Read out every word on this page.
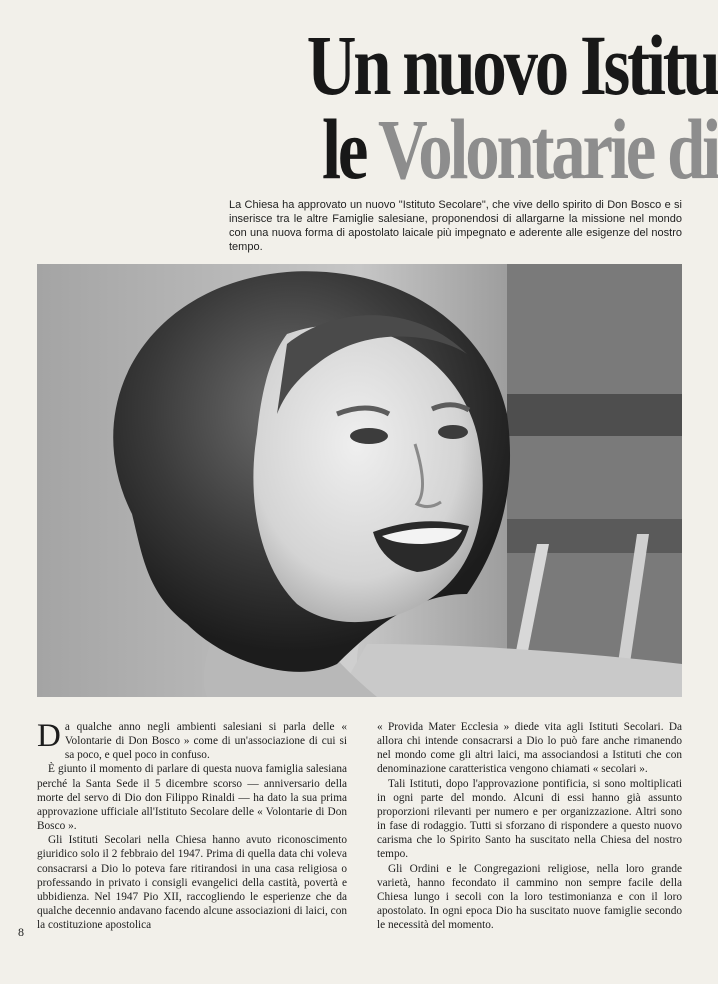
Un nuovo Istitu
le Volontarie di

La Chiesa ha approvato un nuovo "Istituto Secolare", che vive dello spirito di Don Bosco e si inserisce tra le altre Famiglie salesiane, proponendosi di allargarne la missione nel mondo con una nuova forma di apostolato laicale più impegnato e aderente alle esigenze del nostro tempo.

Da qualche anno negli ambienti salesiani si parla delle « Volontarie di Don Bosco » come di un'associazione di cui si sa poco, e quel poco in confuso.

È giunto il momento di parlare di questa nuova famiglia salesiana perché la Santa Sede il 5 dicembre scorso — anniversario della morte del servo di Dio don Filippo Rinaldi — ha dato la sua prima approvazione ufficiale all'Istituto Secolare delle « Volontarie di Don Bosco ».

Gli Istituti Secolari nella Chiesa hanno avuto riconoscimento giuridico solo il 2 febbraio del 1947. Prima di quella data chi voleva consacrarsi a Dio lo poteva fare ritirandosi in una casa religiosa o professando in privato i consigli evangelici della castità, povertà e ubbidienza. Nel 1947 Pio XII, raccogliendo le esperienze che da qualche decennio andavano facendo alcune associazioni di laici, con la costituzione apostolica

« Provida Mater Ecclesia » diede vita agli Istituti Secolari. Da allora chi intende consacrarsi a Dio lo può fare anche rimanendo nel mondo come gli altri laici, ma associandosi a Istituti che con denominazione caratteristica vengono chiamati « secolari ».

Tali Istituti, dopo l'approvazione pontificia, si sono moltiplicati in ogni parte del mondo. Alcuni di essi hanno già assunto proporzioni rilevanti per numero e per organizzazione. Altri sono in fase di rodaggio. Tutti si sforzano di rispondere a questo nuovo carisma che lo Spirito Santo ha suscitato nella Chiesa del nostro tempo.

Gli Ordini e le Congregazioni religiose, nella loro grande varietà, hanno fecondato il cammino non sempre facile della Chiesa lungo i secoli con la loro testimonianza e con il loro apostolato. In ogni epoca Dio ha suscitato nuove famiglie secondo le necessità del momento.

8
